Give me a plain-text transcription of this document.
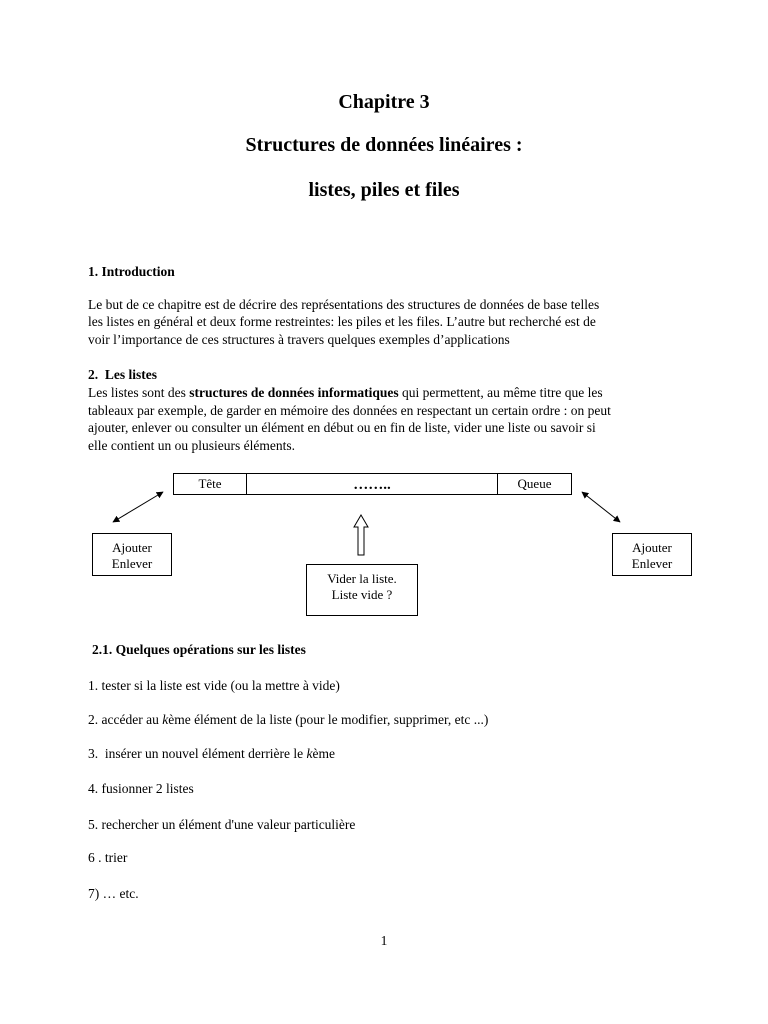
Chapitre 3
Structures de données linéaires :
listes, piles et files
1. Introduction
Le but de ce chapitre est de décrire des représentations des structures de données de base telles
les listes en général et deux forme restreintes: les piles et les files. L’autre but recherché est de
voir l’importance de ces structures à travers quelques exemples d’applications
2.  Les listes
Les listes sont des structures de données informatiques qui permettent, au même titre que les
tableaux par exemple, de garder en mémoire des données en respectant un certain ordre : on peut
ajouter, enlever ou consulter un élément en début ou en fin de liste, vider une liste ou savoir si
elle contient un ou plusieurs éléments.
Tête	……..	Queue
Ajouter
Enlever
Ajouter
Enlever
Vider la liste.
Liste vide ?
2.1. Quelques opérations sur les listes
1. tester si la liste est vide (ou la mettre à vide)
2. accéder au kème élément de la liste (pour le modifier, supprimer, etc ...)
3.  insérer un nouvel élément derrière le kème
4. fusionner 2 listes
5. rechercher un élément d'une valeur particulière
6 . trier
7) … etc.
1
